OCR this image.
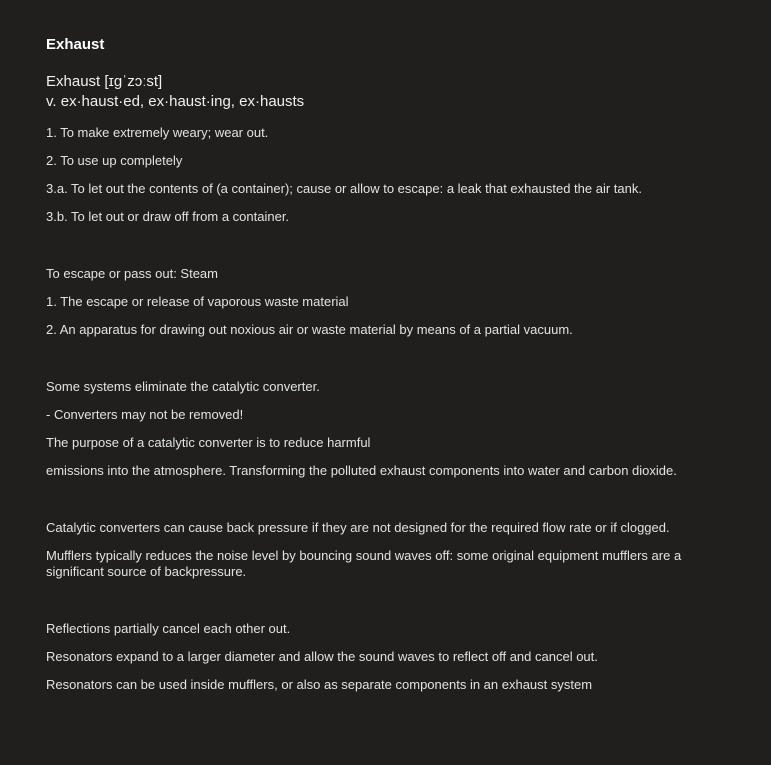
Exhaust
Exhaust [ɪɡˈzɔːst]
v. ex·haust·ed, ex·haust·ing, ex·hausts

1. To make extremely weary; wear out.

2. To use up completely

3.a. To let out the contents of (a container); cause or allow to escape: a leak that exhausted the air tank.

3.b. To let out or draw off from a container.

To escape or pass out: Steam

1. The escape or release of vaporous waste material

2. An apparatus for drawing out noxious air or waste material by means of a partial vacuum.

Some systems eliminate the catalytic converter.

- Converters may not be removed!

The purpose of a catalytic converter is to reduce harmful

emissions into the atmosphere. Transforming the polluted exhaust components into water and carbon dioxide.

Catalytic converters can cause back pressure if they are not designed for the required flow rate or if clogged.

Mufflers typically reduces the noise level by bouncing sound waves off: some original equipment mufflers are a significant source of backpressure.

Reflections partially cancel each other out.

Resonators expand to a larger diameter and allow the sound waves to reflect off and cancel out.

Resonators can be used inside mufflers, or also as separate components in an exhaust system
